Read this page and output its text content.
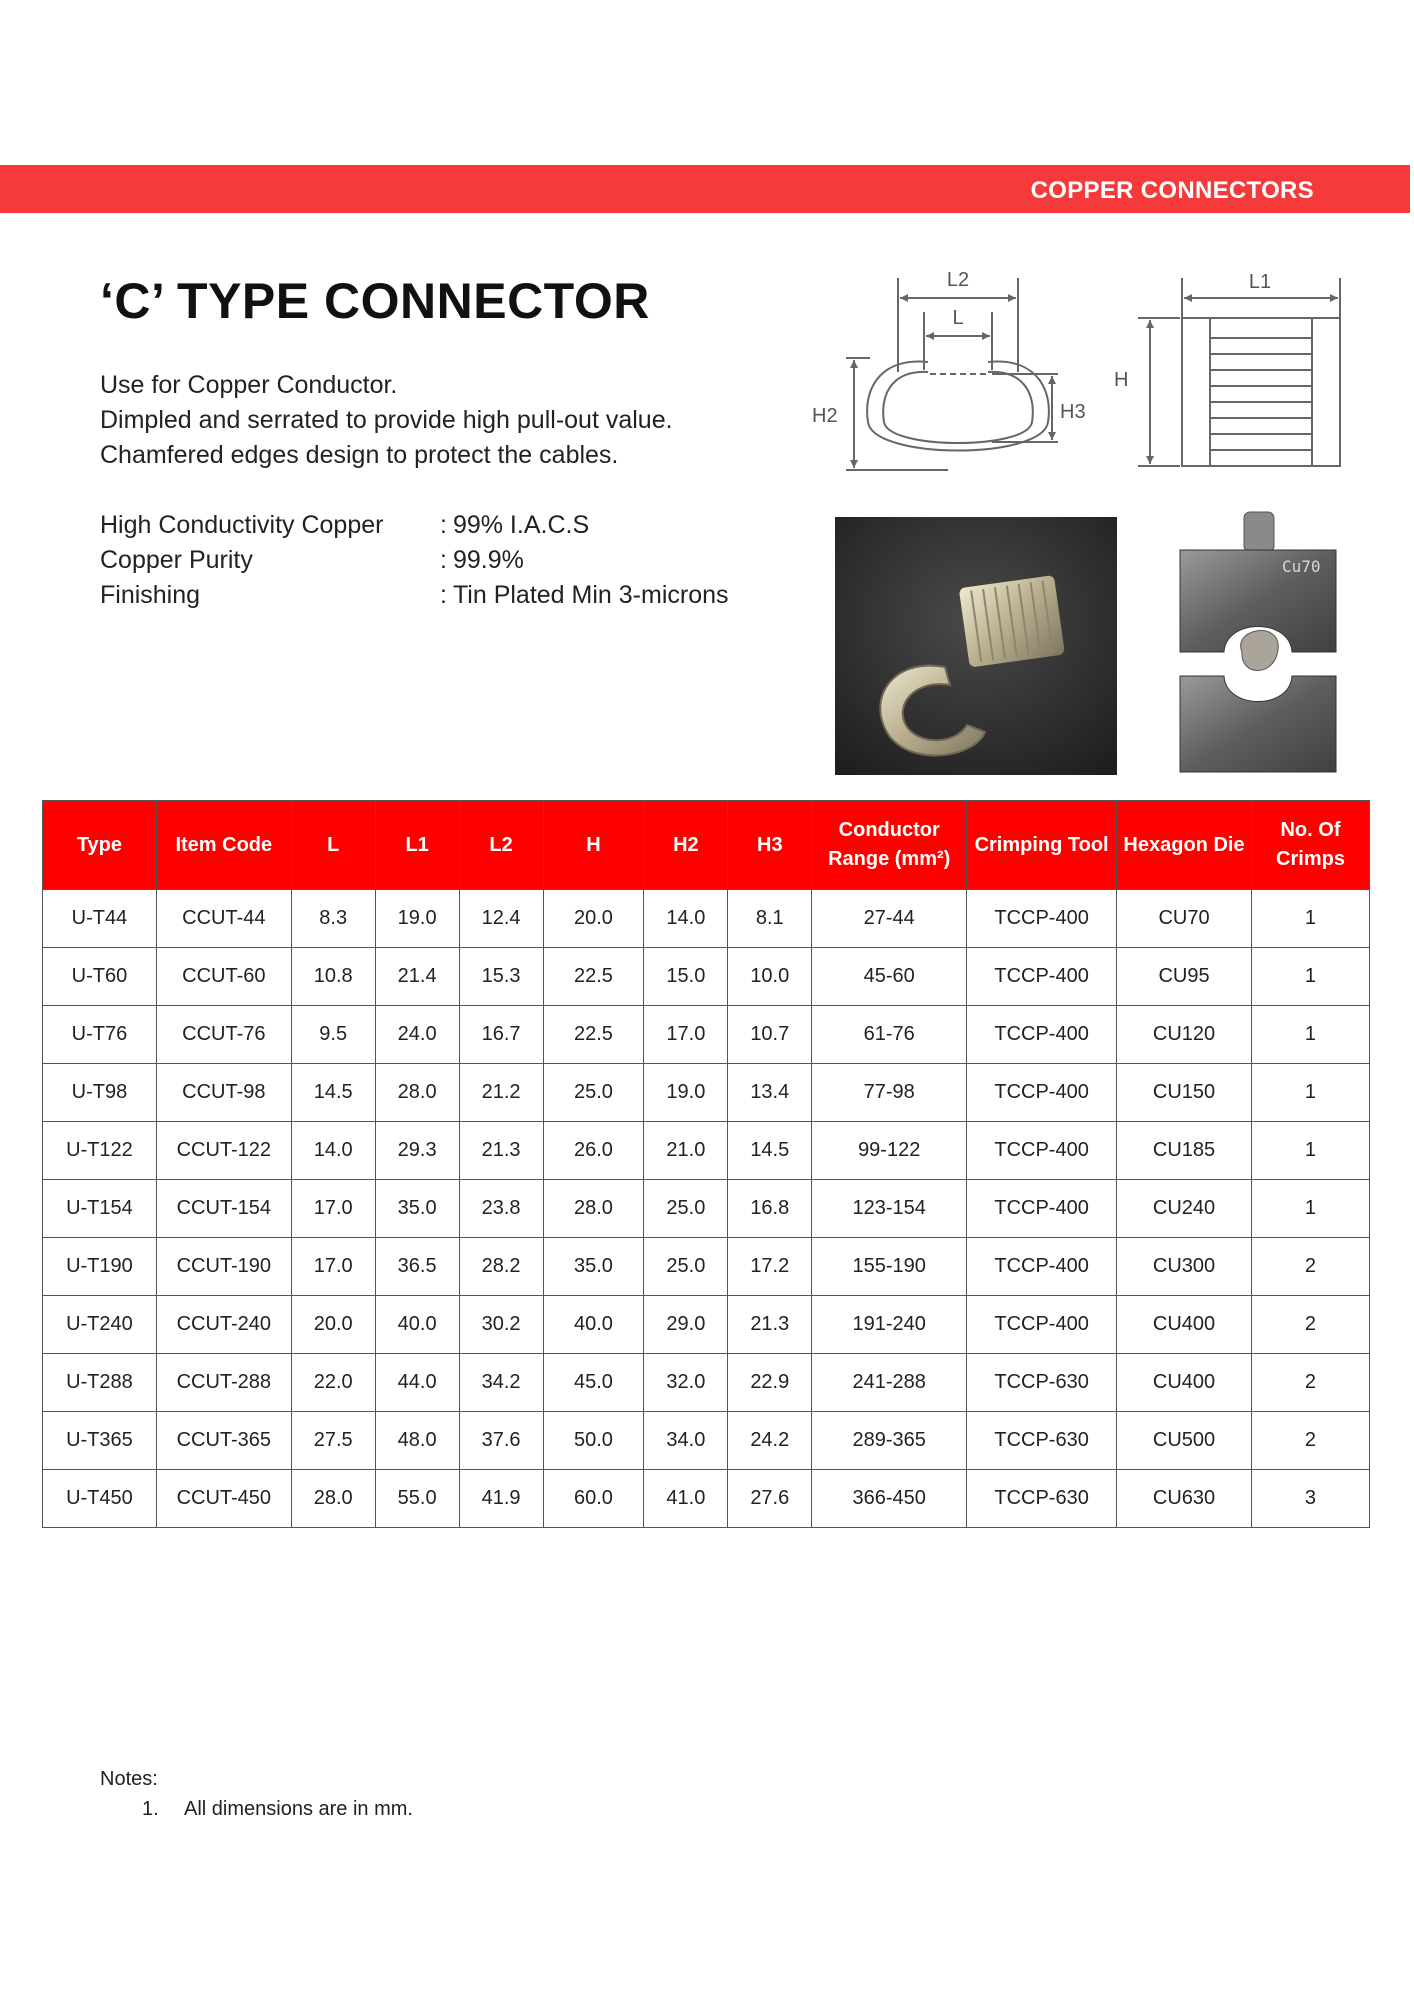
COPPER CONNECTORS
‘C’ TYPE CONNECTOR
Use for Copper Conductor.
Dimpled and serrated to provide high pull-out value.
Chamfered edges design to protect the cables.
High Conductivity Copper	: 99% I.A.C.S
Copper Purity	: 99.9%
Finishing	: Tin Plated Min 3-microns
L2
L
H2	H3
L1
H
Cu70
Type	Item Code	L	L1	L2	H	H2	H3	Conductor Range (mm²)	Crimping Tool	Hexagon Die	No. Of Crimps
U-T44	CCUT-44	8.3	19.0	12.4	20.0	14.0	8.1	27-44	TCCP-400	CU70	1
U-T60	CCUT-60	10.8	21.4	15.3	22.5	15.0	10.0	45-60	TCCP-400	CU95	1
U-T76	CCUT-76	9.5	24.0	16.7	22.5	17.0	10.7	61-76	TCCP-400	CU120	1
U-T98	CCUT-98	14.5	28.0	21.2	25.0	19.0	13.4	77-98	TCCP-400	CU150	1
U-T122	CCUT-122	14.0	29.3	21.3	26.0	21.0	14.5	99-122	TCCP-400	CU185	1
U-T154	CCUT-154	17.0	35.0	23.8	28.0	25.0	16.8	123-154	TCCP-400	CU240	1
U-T190	CCUT-190	17.0	36.5	28.2	35.0	25.0	17.2	155-190	TCCP-400	CU300	2
U-T240	CCUT-240	20.0	40.0	30.2	40.0	29.0	21.3	191-240	TCCP-400	CU400	2
U-T288	CCUT-288	22.0	44.0	34.2	45.0	32.0	22.9	241-288	TCCP-630	CU400	2
U-T365	CCUT-365	27.5	48.0	37.6	50.0	34.0	24.2	289-365	TCCP-630	CU500	2
U-T450	CCUT-450	28.0	55.0	41.9	60.0	41.0	27.6	366-450	TCCP-630	CU630	3
Notes:
1.	All dimensions are in mm.
